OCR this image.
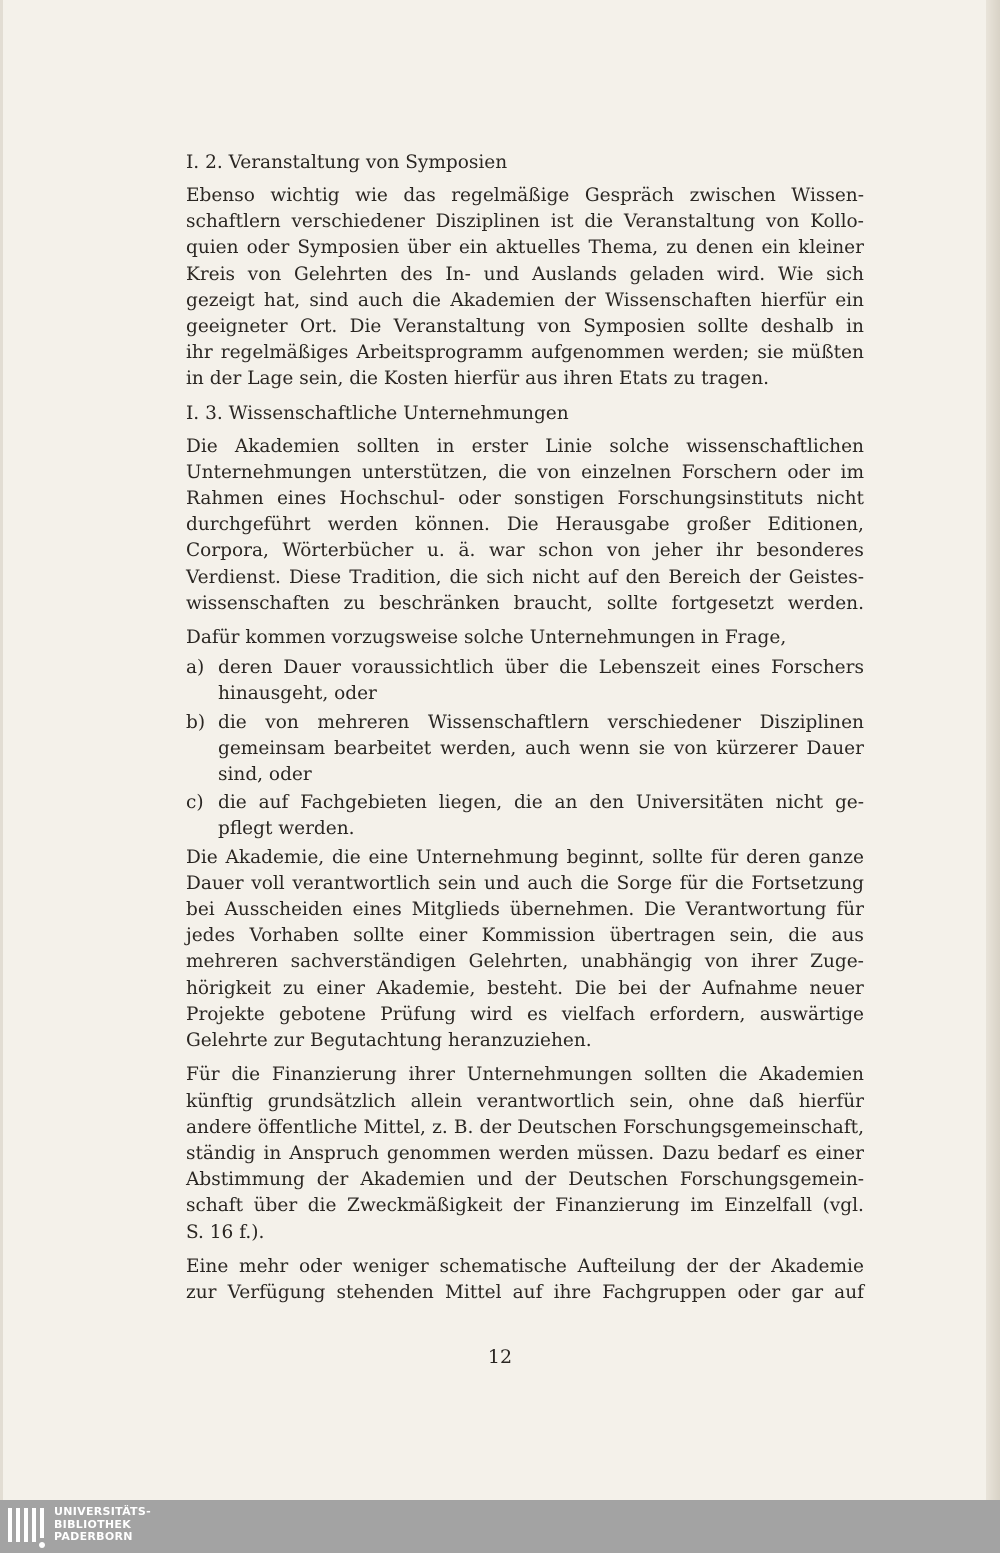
I. 2. Veranstaltung von Symposien
Ebenso wichtig wie das regelmäßige Gespräch zwischen Wissen-
schaftlern verschiedener Disziplinen ist die Veranstaltung von Kollo-
quien oder Symposien über ein aktuelles Thema, zu denen ein kleiner
Kreis von Gelehrten des In- und Auslands geladen wird. Wie sich
gezeigt hat, sind auch die Akademien der Wissenschaften hierfür ein
geeigneter Ort. Die Veranstaltung von Symposien sollte deshalb in
ihr regelmäßiges Arbeitsprogramm aufgenommen werden; sie müßten
in der Lage sein, die Kosten hierfür aus ihren Etats zu tragen.
I. 3. Wissenschaftliche Unternehmungen
Die Akademien sollten in erster Linie solche wissenschaftlichen
Unternehmungen unterstützen, die von einzelnen Forschern oder im
Rahmen eines Hochschul- oder sonstigen Forschungsinstituts nicht
durchgeführt werden können. Die Herausgabe großer Editionen,
Corpora, Wörterbücher u. ä. war schon von jeher ihr besonderes
Verdienst. Diese Tradition, die sich nicht auf den Bereich der Geistes-
wissenschaften zu beschränken braucht, sollte fortgesetzt werden.
Dafür kommen vorzugsweise solche Unternehmungen in Frage,
a) deren Dauer voraussichtlich über die Lebenszeit eines Forschers
hinausgeht, oder
b) die von mehreren Wissenschaftlern verschiedener Disziplinen
gemeinsam bearbeitet werden, auch wenn sie von kürzerer Dauer
sind, oder
c) die auf Fachgebieten liegen, die an den Universitäten nicht ge-
pflegt werden.
Die Akademie, die eine Unternehmung beginnt, sollte für deren ganze
Dauer voll verantwortlich sein und auch die Sorge für die Fortsetzung
bei Ausscheiden eines Mitglieds übernehmen. Die Verantwortung für
jedes Vorhaben sollte einer Kommission übertragen sein, die aus
mehreren sachverständigen Gelehrten, unabhängig von ihrer Zuge-
hörigkeit zu einer Akademie, besteht. Die bei der Aufnahme neuer
Projekte gebotene Prüfung wird es vielfach erfordern, auswärtige
Gelehrte zur Begutachtung heranzuziehen.
Für die Finanzierung ihrer Unternehmungen sollten die Akademien
künftig grundsätzlich allein verantwortlich sein, ohne daß hierfür
andere öffentliche Mittel, z. B. der Deutschen Forschungsgemeinschaft,
ständig in Anspruch genommen werden müssen. Dazu bedarf es einer
Abstimmung der Akademien und der Deutschen Forschungsgemein-
schaft über die Zweckmäßigkeit der Finanzierung im Einzelfall (vgl.
S. 16 f.).
Eine mehr oder weniger schematische Aufteilung der der Akademie
zur Verfügung stehenden Mittel auf ihre Fachgruppen oder gar auf
12
UNIVERSITÄTS-
BIBLIOTHEK
PADERBORN
